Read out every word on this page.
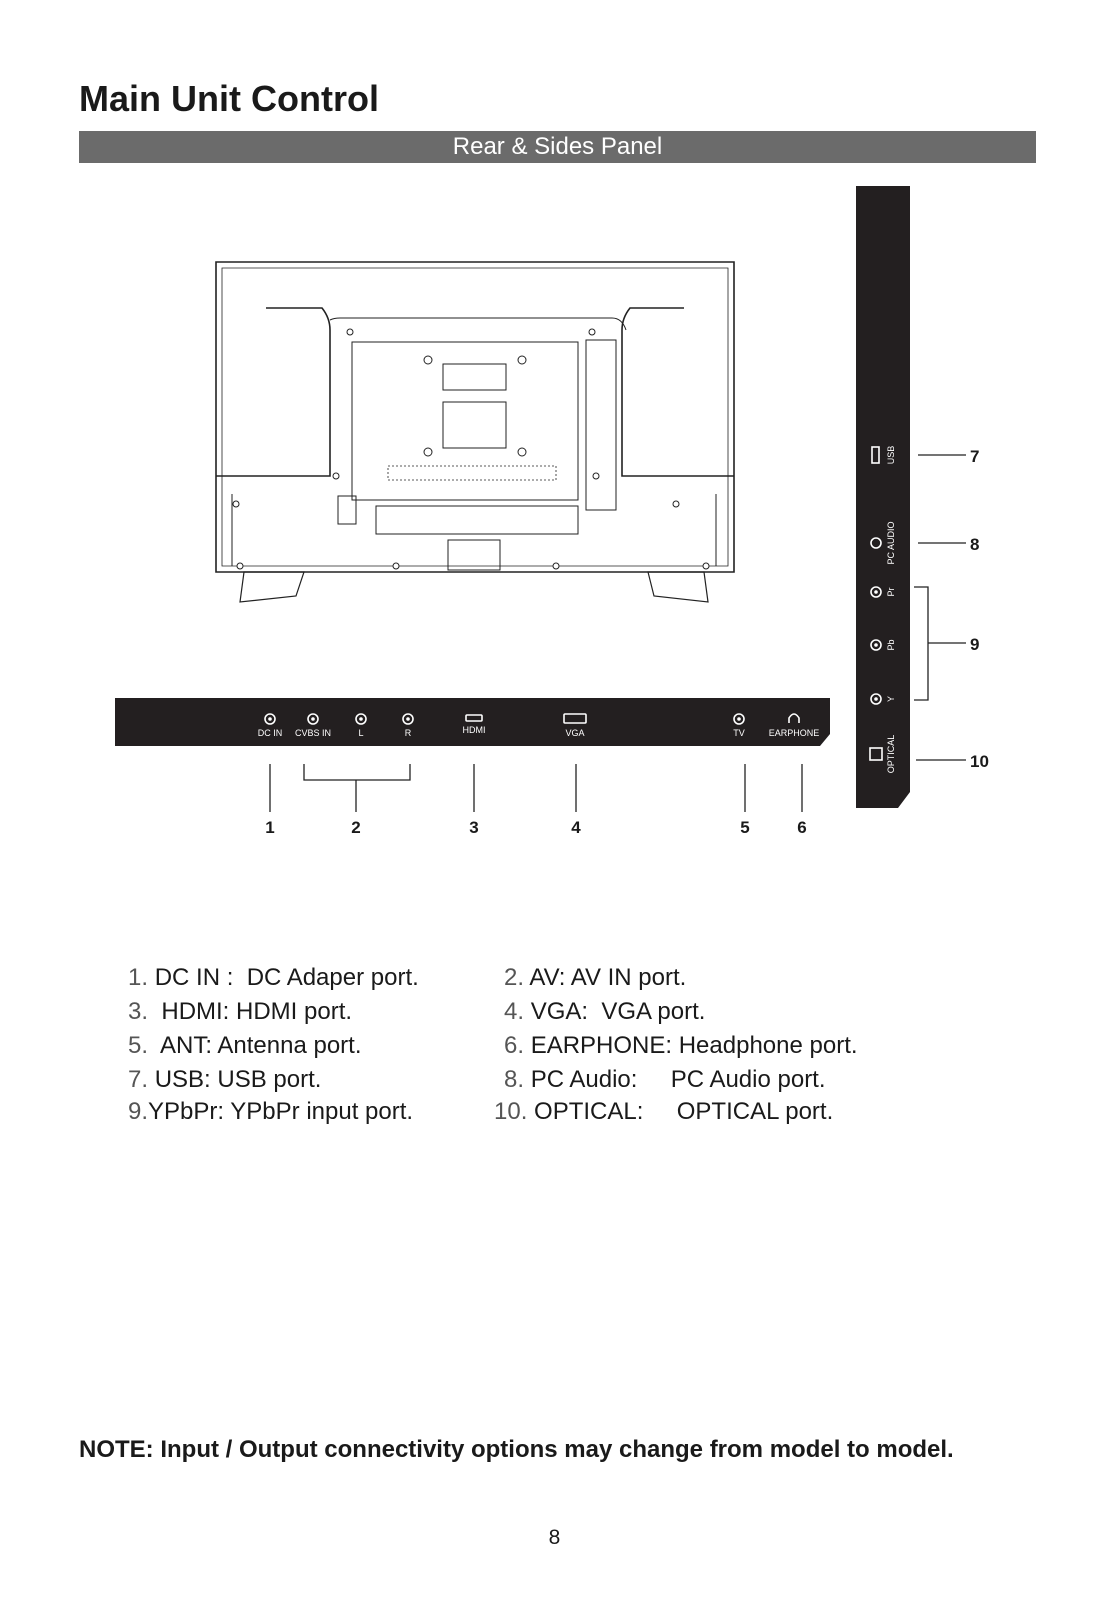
Main Unit Control
Rear & Sides Panel
DC IN CVBS IN	L	R	HDMI	VGA	TV	EARPHONE
1	2	3	4	5	6
USB
PC AUDIO
Pr
Pb
Y
OPTICAL
7
8
9
10
1. DC IN :  DC Adaper port.	2. AV: AV IN port.
3.  HDMI: HDMI port.	4. VGA:  VGA port.
5.  ANT: Antenna port.	6. EARPHONE: Headphone port.
7. USB: USB port.	8. PC Audio:     PC Audio port.
9.YPbPr: YPbPr input port.	10. OPTICAL:     OPTICAL port.
NOTE: Input / Output connectivity options may change from model to model.
8
